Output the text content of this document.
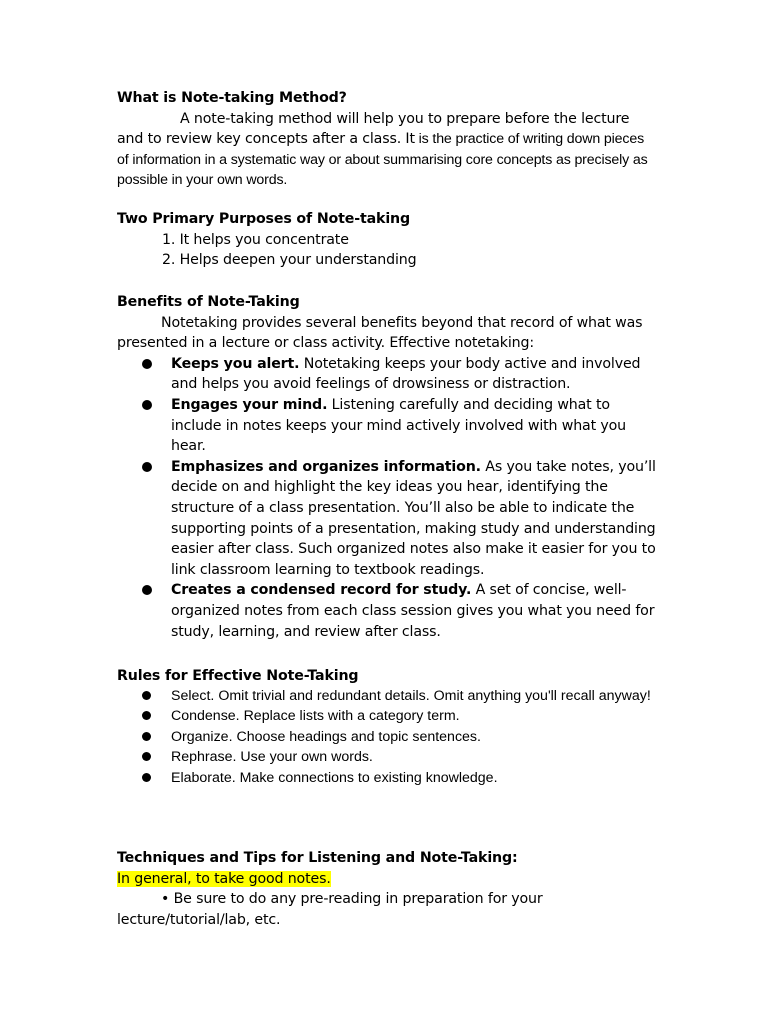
What is Note-taking Method?
A note-taking method will help you to prepare before the lecture and to review key concepts after a class. It is the practice of writing down pieces of information in a systematic way or about summarising core concepts as precisely as possible in your own words.
Two Primary Purposes of Note-taking
1. It helps you concentrate
2. Helps deepen your understanding
Benefits of Note-Taking
Notetaking provides several benefits beyond that record of what was presented in a lecture or class activity. Effective notetaking:
Keeps you alert. Notetaking keeps your body active and involved and helps you avoid feelings of drowsiness or distraction.
Engages your mind. Listening carefully and deciding what to include in notes keeps your mind actively involved with what you hear.
Emphasizes and organizes information. As you take notes, you’ll decide on and highlight the key ideas you hear, identifying the structure of a class presentation. You’ll also be able to indicate the supporting points of a presentation, making study and understanding easier after class. Such organized notes also make it easier for you to link classroom learning to textbook readings.
Creates a condensed record for study. A set of concise, well-organized notes from each class session gives you what you need for study, learning, and review after class.
Rules for Effective Note-Taking
Select. Omit trivial and redundant details. Omit anything you'll recall anyway!
Condense. Replace lists with a category term.
Organize. Choose headings and topic sentences.
Rephrase. Use your own words.
Elaborate. Make connections to existing knowledge.
Techniques and Tips for Listening and Note-Taking:
In general, to take good notes.
• Be sure to do any pre-reading in preparation for your lecture/tutorial/lab, etc.
